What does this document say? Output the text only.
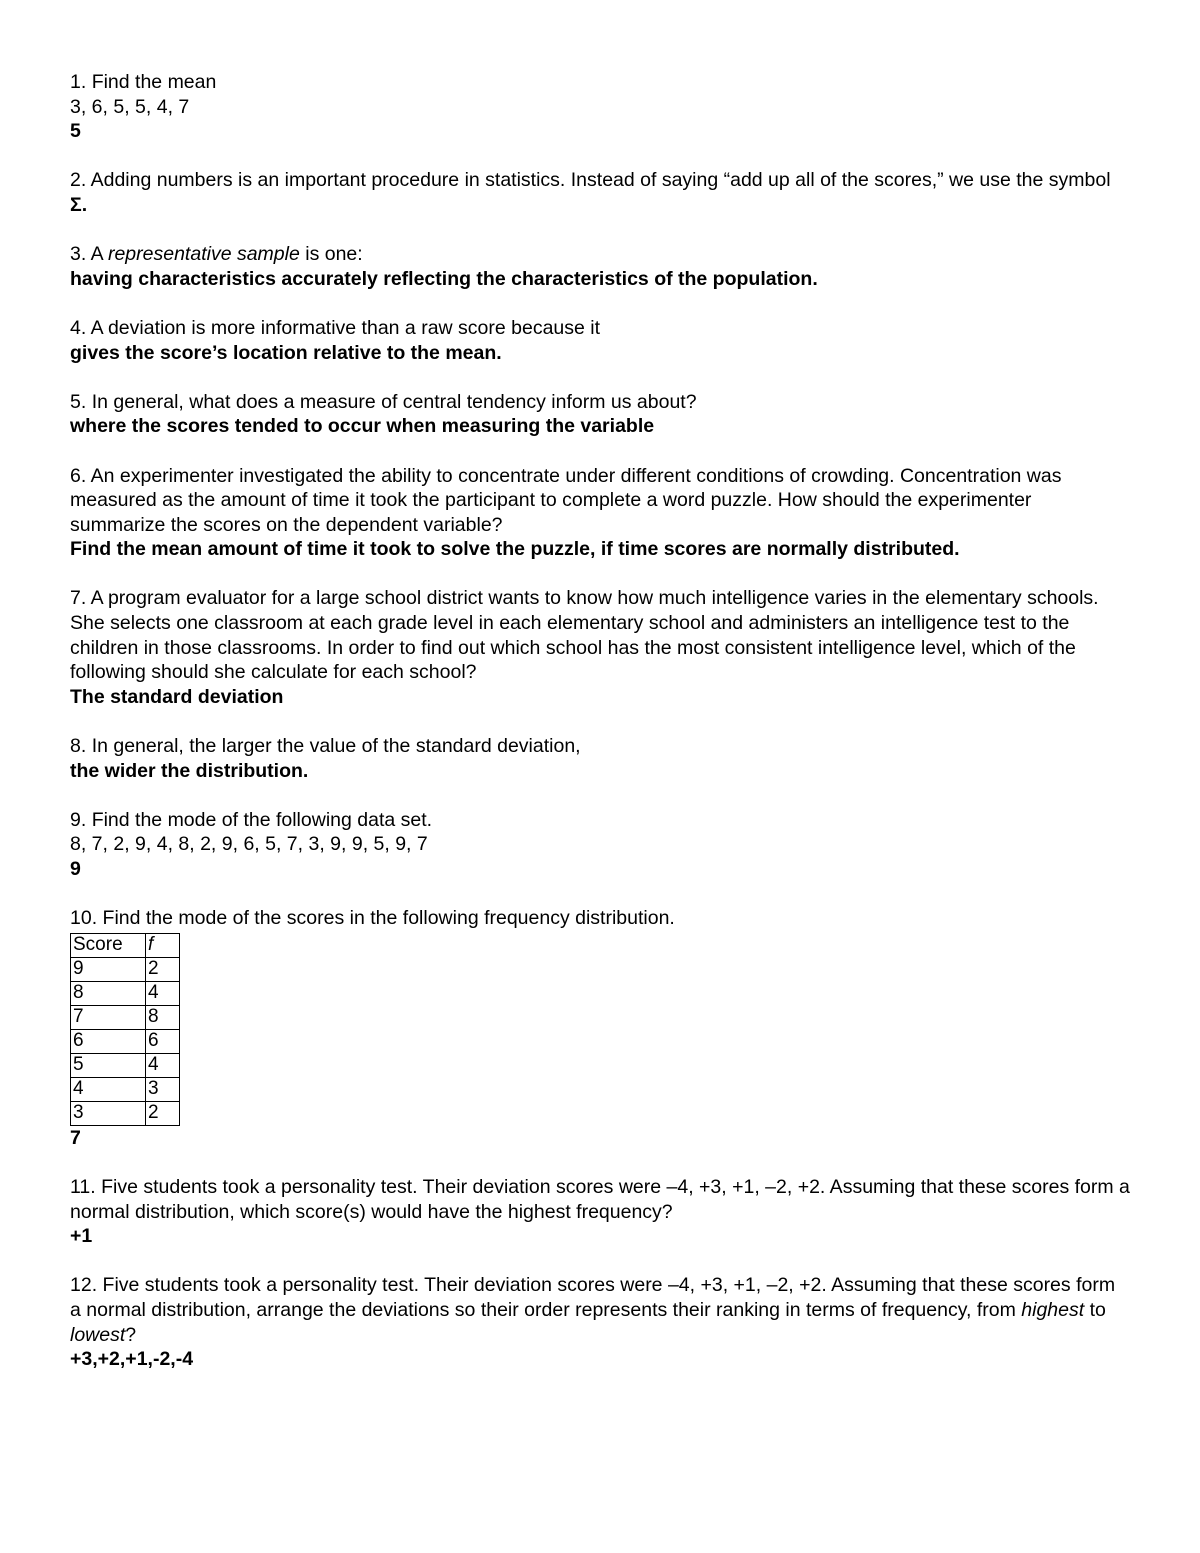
1. Find the mean
3, 6, 5, 5, 4, 7
5
2. Adding numbers is an important procedure in statistics. Instead of saying “add up all of the scores,” we use the symbol
Σ.
3. A representative sample is one:
having characteristics accurately reflecting the characteristics of the population.
4. A deviation is more informative than a raw score because it
gives the score’s location relative to the mean.
5. In general, what does a measure of central tendency inform us about?
where the scores tended to occur when measuring the variable
6. An experimenter investigated the ability to concentrate under different conditions of crowding. Concentration was measured as the amount of time it took the participant to complete a word puzzle. How should the experimenter summarize the scores on the dependent variable?
Find the mean amount of time it took to solve the puzzle, if time scores are normally distributed.
7. A program evaluator for a large school district wants to know how much intelligence varies in the elementary schools. She selects one classroom at each grade level in each elementary school and administers an intelligence test to the children in those classrooms. In order to find out which school has the most consistent intelligence level, which of the following should she calculate for each school?
The standard deviation
8. In general, the larger the value of the standard deviation,
the wider the distribution.
9. Find the mode of the following data set.
8, 7, 2, 9, 4, 8, 2, 9, 6, 5, 7, 3, 9, 9, 5, 9, 7
9
10. Find the mode of the scores in the following frequency distribution.
Score	f
9	2
8	4
7	8
6	6
5	4
4	3
3	2
7
11. Five students took a personality test. Their deviation scores were –4, +3, +1, –2, +2. Assuming that these scores form a normal distribution, which score(s) would have the highest frequency?
+1
12. Five students took a personality test. Their deviation scores were –4, +3, +1, –2, +2. Assuming that these scores form a normal distribution, arrange the deviations so their order represents their ranking in terms of frequency, from highest to lowest?
+3,+2,+1,-2,-4
